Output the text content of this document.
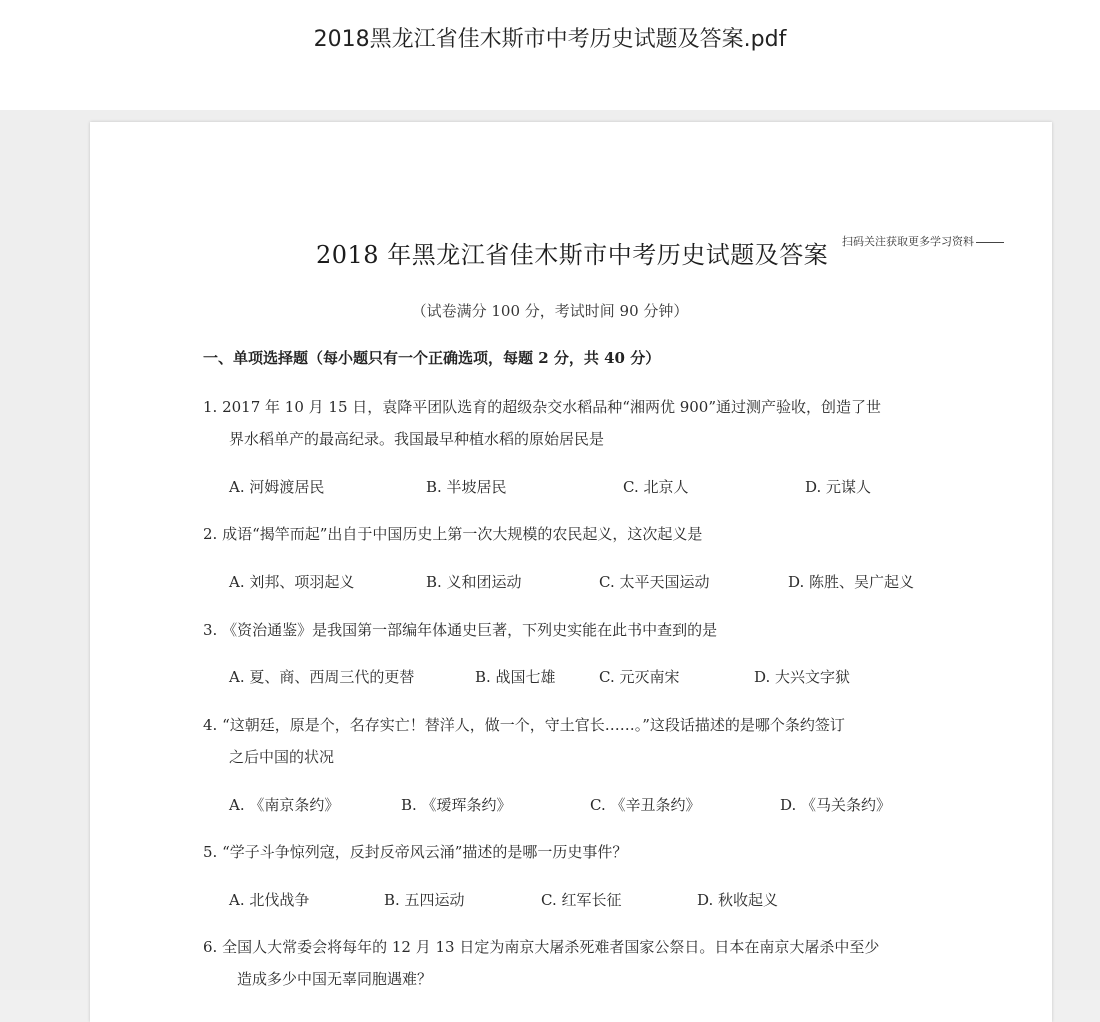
2018黑龙江省佳木斯市中考历史试题及答案.pdf
2018 年黑龙江省佳木斯市中考历史试题及答案 扫码关注获取更多学习资料
（试卷满分 100 分，考试时间 90 分钟）
一、单项选择题（每小题只有一个正确选项，每题 2 分，共 40 分）
1. 2017 年 10 月 15 日，袁降平团队选育的超级杂交水稻品种“湘两优 900”通过测产验收，创造了世
界水稻单产的最高纪录。我国最早种植水稻的原始居民是
A. 河姆渡居民	B. 半坡居民	C. 北京人	D. 元谋人
2. 成语“揭竿而起”出自于中国历史上第一次大规模的农民起义，这次起义是
A. 刘邦、项羽起义	B. 义和团运动	C. 太平天国运动	D. 陈胜、吴广起义
3. 《资治通鉴》是我国第一部编年体通史巨著，下列史实能在此书中查到的是
A. 夏、商、西周三代的更替	B. 战国七雄	C. 元灭南宋	D. 大兴文字狱
4. “这朝廷，原是个，名存实亡！替洋人，做一个，守土官长……。”这段话描述的是哪个条约签订
之后中国的状况
A. 《南京条约》	B. 《瑷珲条约》	C. 《辛丑条约》	D. 《马关条约》
5. “学子斗争惊列寇，反封反帝风云涌”描述的是哪一历史事件？
A. 北伐战争	B. 五四运动	C. 红军长征	D. 秋收起义
6. 全国人大常委会将每年的 12 月 13 日定为南京大屠杀死难者国家公祭日。日本在南京大屠杀中至少
造成多少中国无辜同胞遇难？
